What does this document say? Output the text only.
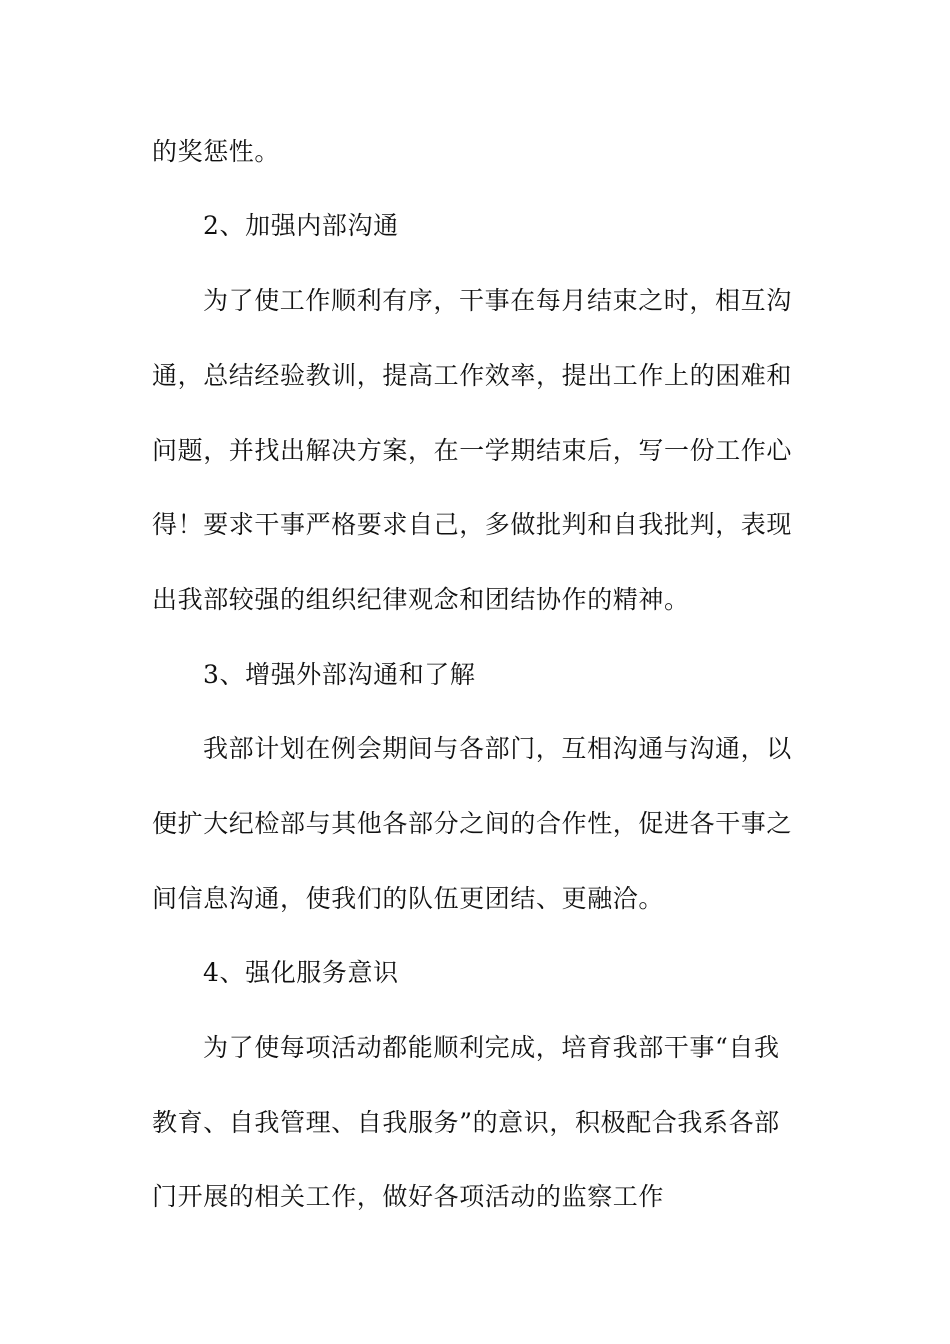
的奖惩性。
2、加强内部沟通
为了使工作顺利有序，干事在每月结束之时，相互沟
通，总结经验教训，提高工作效率，提出工作上的困难和
问题，并找出解决方案，在一学期结束后，写一份工作心
得！要求干事严格要求自己，多做批判和自我批判，表现
出我部较强的组织纪律观念和团结协作的精神。
3、增强外部沟通和了解
我部计划在例会期间与各部门，互相沟通与沟通，以
便扩大纪检部与其他各部分之间的合作性，促进各干事之
间信息沟通，使我们的队伍更团结、更融洽。
4、强化服务意识
为了使每项活动都能顺利完成，培育我部干事“自我
教育、自我管理、自我服务”的意识，积极配合我系各部
门开展的相关工作，做好各项活动的监察工作
